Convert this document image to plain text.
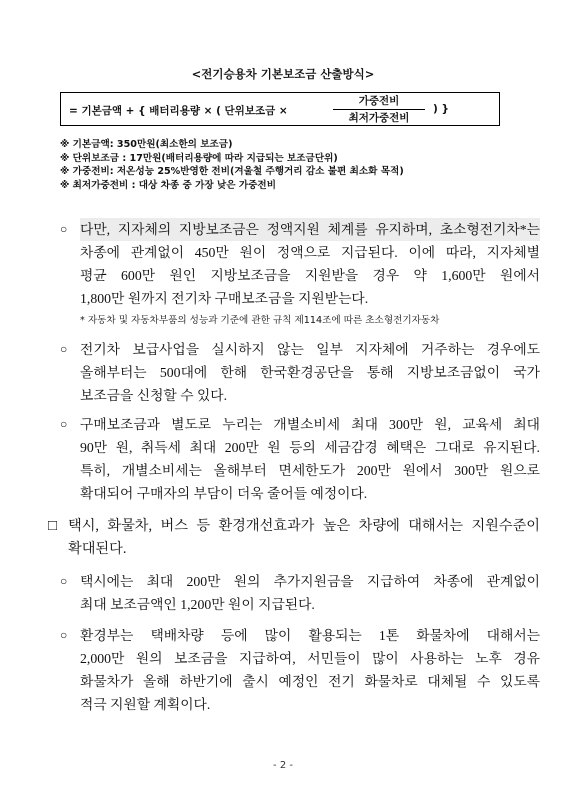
<전기승용차 기본보조금 산출방식>
= 기본금액 + { 배터리용량 × ( 단위보조금 ×
가중전비
최저가중전비
) }
※ 기본금액: 350만원(최소한의 보조금)
※ 단위보조금 : 17만원(배터리용량에 따라 지급되는 보조금단위)
※ 가중전비: 저온성능 25%반영한 전비(겨울철 주행거리 감소 불편 최소화 목적)
※ 최저가중전비 : 대상 차종 중 가장 낮은 가중전비
○ 다만, 지자체의 지방보조금은 정액지원 체계를 유지하며, 초소형전기차*는
차종에 관계없이 450만 원이 정액으로 지급된다. 이에 따라, 지자체별
평균 600만 원인 지방보조금을 지원받을 경우 약 1,600만 원에서
1,800만 원까지 전기차 구매보조금을 지원받는다.
* 자동차 및 자동차부품의 성능과 기준에 관한 규칙 제114조에 따른 초소형전기자동차
○ 전기차 보급사업을 실시하지 않는 일부 지자체에 거주하는 경우에도
올해부터는 500대에 한해 한국환경공단을 통해 지방보조금없이 국가
보조금을 신청할 수 있다.
○ 구매보조금과 별도로 누리는 개별소비세 최대 300만 원, 교육세 최대
90만 원, 취득세 최대 200만 원 등의 세금감경 혜택은 그대로 유지된다.
특히, 개별소비세는 올해부터 면세한도가 200만 원에서 300만 원으로
확대되어 구매자의 부담이 더욱 줄어들 예정이다.
□ 택시, 화물차, 버스 등 환경개선효과가 높은 차량에 대해서는 지원수준이
확대된다.
○ 택시에는 최대 200만 원의 추가지원금을 지급하여 차종에 관계없이
최대 보조금액인 1,200만 원이 지급된다.
○ 환경부는 택배차량 등에 많이 활용되는 1톤 화물차에 대해서는
2,000만 원의 보조금을 지급하여, 서민들이 많이 사용하는 노후 경유
화물차가 올해 하반기에 출시 예정인 전기 화물차로 대체될 수 있도록
적극 지원할 계획이다.
- 2 -
